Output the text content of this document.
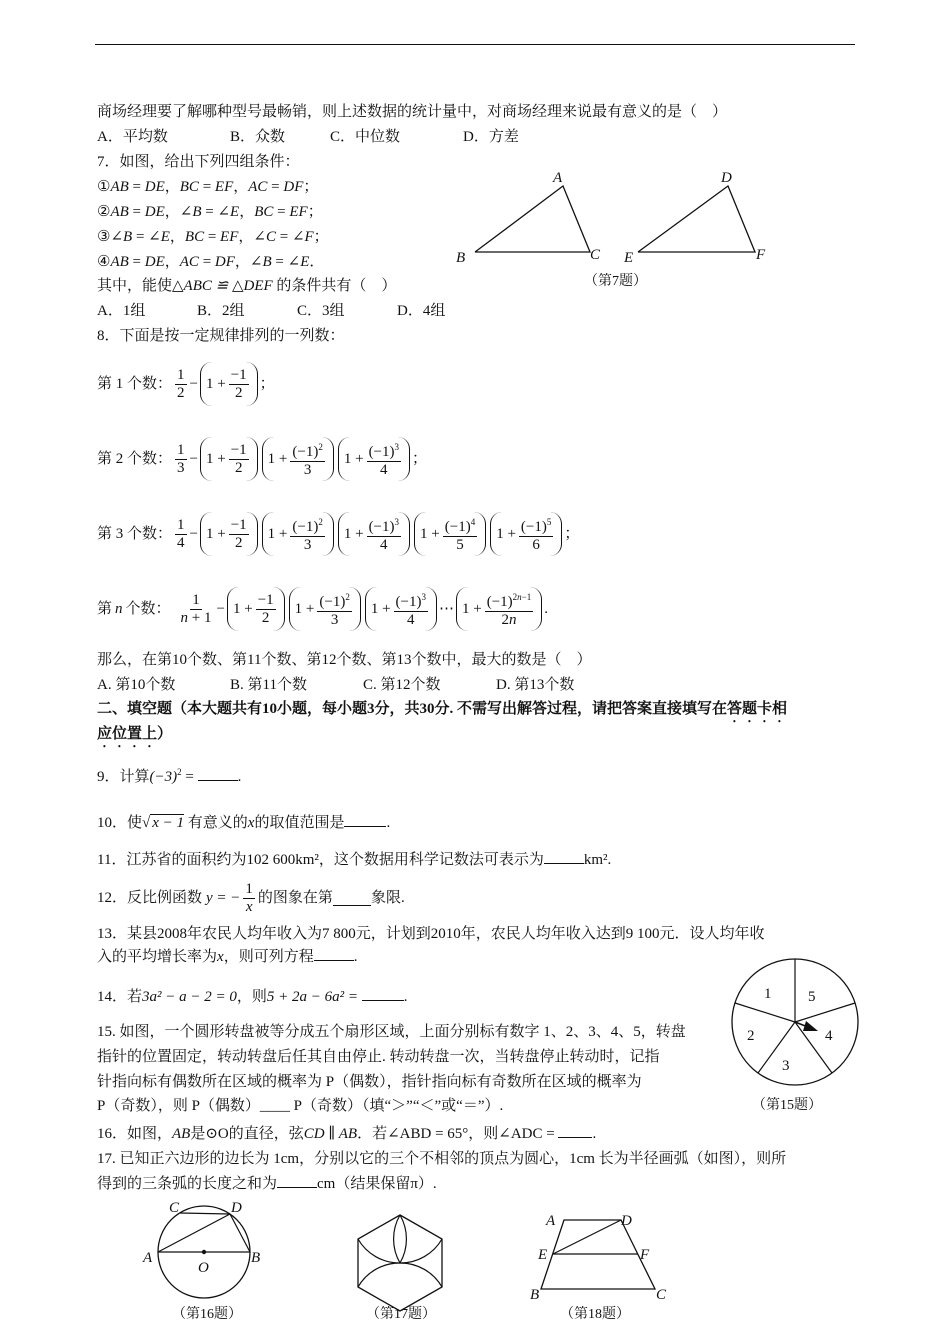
商场经理要了解哪种型号最畅销，则上述数据的统计量中，对商场经理来说最有意义的是（　）
A．平均数	B．众数	C．中位数	D．方差
7．如图，给出下列四组条件：
①AB = DE，BC = EF，AC = DF；
②AB = DE，∠B = ∠E，BC = EF；
③∠B = ∠E，BC = EF，∠C = ∠F；
④AB = DE，AC = DF，∠B = ∠E．
其中，能使△ABC ≌ △DEF 的条件共有（　）
A．1组	B．2组	C．3组	D．4组
A
B	C
D
E	F
（第7题）
8．下面是按一定规律排列的一列数：
第 1 个数： $\frac{1}{2} - 1 + \frac{-1}{2}$ ；
第 2 个数： $\frac{1}{3} - 1 + \frac{-1}{2}$	$1 + \frac{(-1)^2}{3}$	$1 + \frac{(-1)^3}{4}$ ；
第 3 个数： $\frac{1}{4} - 1 + \frac{-1}{2}$	$1 + \frac{(-1)^2}{3}$	$1 + \frac{(-1)^3}{4}$	$1 + \frac{(-1)^4}{5}$	$1 + \frac{(-1)^5}{6}$ ；
第 n 个数： $\frac{1}{n + 1} - 1 + \frac{-1}{2}$	$1 + \frac{(-1)^2}{3}$	$1 + \frac{(-1)^3}{4}$ ⋯ $1 + \frac{(-1)^{2n-1}}{2n}$ .
那么，在第10个数、第11个数、第12个数、第13个数中，最大的数是（　）
A. 第10个数	B. 第11个数	C. 第12个数	D. 第13个数
二、填空题（本大题共有10小题，每小题3分，共30分. 不需写出解答过程，请把答案直接填写在答题卡相
应位置上）
9．计算$(-3)^2$ =	.
10．使√ x − 1 有意义的x的取值范围是	.
11．江苏省的面积约为102 600km²，这个数据用科学记数法可表示为	km².
12．反比例函数 y = − $\frac{1}{x}$ 的图象在第	象限.
13．某县2008年农民人均年收入为7 800元，计划到2010年，农民人均年收入达到9 100元．设人均年收
入的平均增长率为x，则可列方程	.
14．若3a² − a − 2 = 0，则5 + 2a − 6a² =	.
15. 如图，一个圆形转盘被等分成五个扇形区域，上面分别标有数字 1、2、3、4、5，转盘
指针的位置固定，转动转盘后任其自由停止. 转动转盘一次，当转盘停止转动时，记指
针指向标有偶数所在区域的概率为 P（偶数），指针指向标有奇数所在区域的概率为
P（奇数），则 P（偶数）____ P（奇数）（填“＞”“＜”或“＝”）.
1 5
2	4
3
（第15题）
16．如图，AB是⊙O的直径，弦CD ∥ AB．若∠ABD = 65°，则∠ADC = .
17. 已知正六边形的边长为 1cm，分别以它的三个不相邻的顶点为圆心，1cm 长为半径画弧（如图），则所
得到的三条弧的长度之和为	cm（结果保留π）.
C	D
A	B
O
（第16题）	（第17题）
A	D
E	F
B	C
（第18题）
